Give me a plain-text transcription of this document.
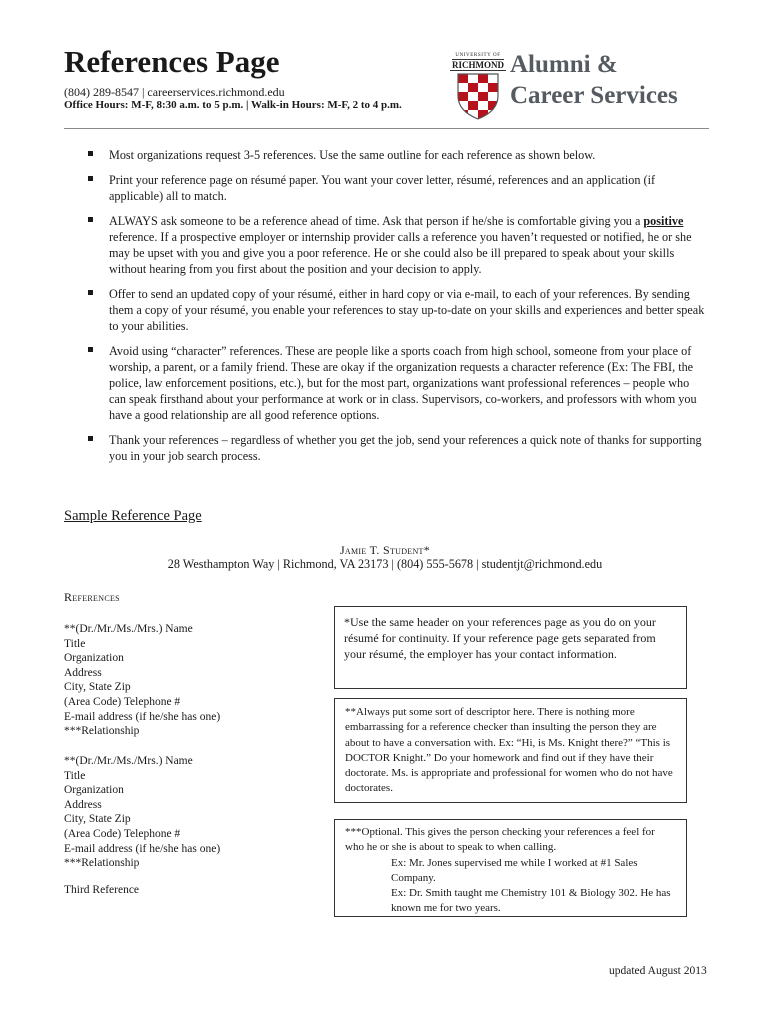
References Page
(804) 289-8547 | careerservices.richmond.edu
Office Hours: M-F, 8:30 a.m. to 5 p.m. | Walk-in Hours: M-F, 2 to 4 p.m.
UNIVERSITY OF
RICHMOND Alumni &
Career Services
Most organizations request 3-5 references. Use the same outline for each reference as shown below.
Print your reference page on résumé paper. You want your cover letter, résumé, references and an application (if applicable) all to match.
ALWAYS ask someone to be a reference ahead of time. Ask that person if he/she is comfortable giving you a positive reference. If a prospective employer or internship provider calls a reference you haven’t requested or notified, he or she may be upset with you and give you a poor reference. He or she could also be ill prepared to speak about your skills without hearing from you first about the position and your decision to apply.
Offer to send an updated copy of your résumé, either in hard copy or via e-mail, to each of your references. By sending them a copy of your résumé, you enable your references to stay up-to-date on your skills and experiences and better speak to your abilities.
Avoid using “character” references. These are people like a sports coach from high school, someone from your place of worship, a parent, or a family friend. These are okay if the organization requests a character reference (Ex: The FBI, the police, law enforcement positions, etc.), but for the most part, organizations want professional references – people who can speak firsthand about your performance at work or in class. Supervisors, co-workers, and professors with whom you have a good relationship are all good reference options.
Thank your references – regardless of whether you get the job, send your references a quick note of thanks for supporting you in your job search process.
Sample Reference Page
Jamie T. Student*
28 Westhampton Way | Richmond, VA 23173 | (804) 555-5678 | studentjt@richmond.edu
References
**(Dr./Mr./Ms./Mrs.) Name
Title
Organization
Address
City, State Zip
(Area Code) Telephone #
E-mail address (if he/she has one)
***Relationship
**(Dr./Mr./Ms./Mrs.) Name
Title
Organization
Address
City, State Zip
(Area Code) Telephone #
E-mail address (if he/she has one)
***Relationship
Third Reference
*Use the same header on your references page as you do on your résumé for continuity. If your reference page gets separated from your résumé, the employer has your contact information.
**Always put some sort of descriptor here. There is nothing more embarrassing for a reference checker than insulting the person they are about to have a conversation with. Ex: “Hi, is Ms. Knight there?” “This is DOCTOR Knight.” Do your homework and find out if they have their doctorate. Ms. is appropriate and professional for women who do not have doctorates.
***Optional. This gives the person checking your references a feel for who he or she is about to speak to when calling.
Ex: Mr. Jones supervised me while I worked at #1 Sales Company.
Ex: Dr. Smith taught me Chemistry 101 & Biology 302. He has known me for two years.
updated August 2013
